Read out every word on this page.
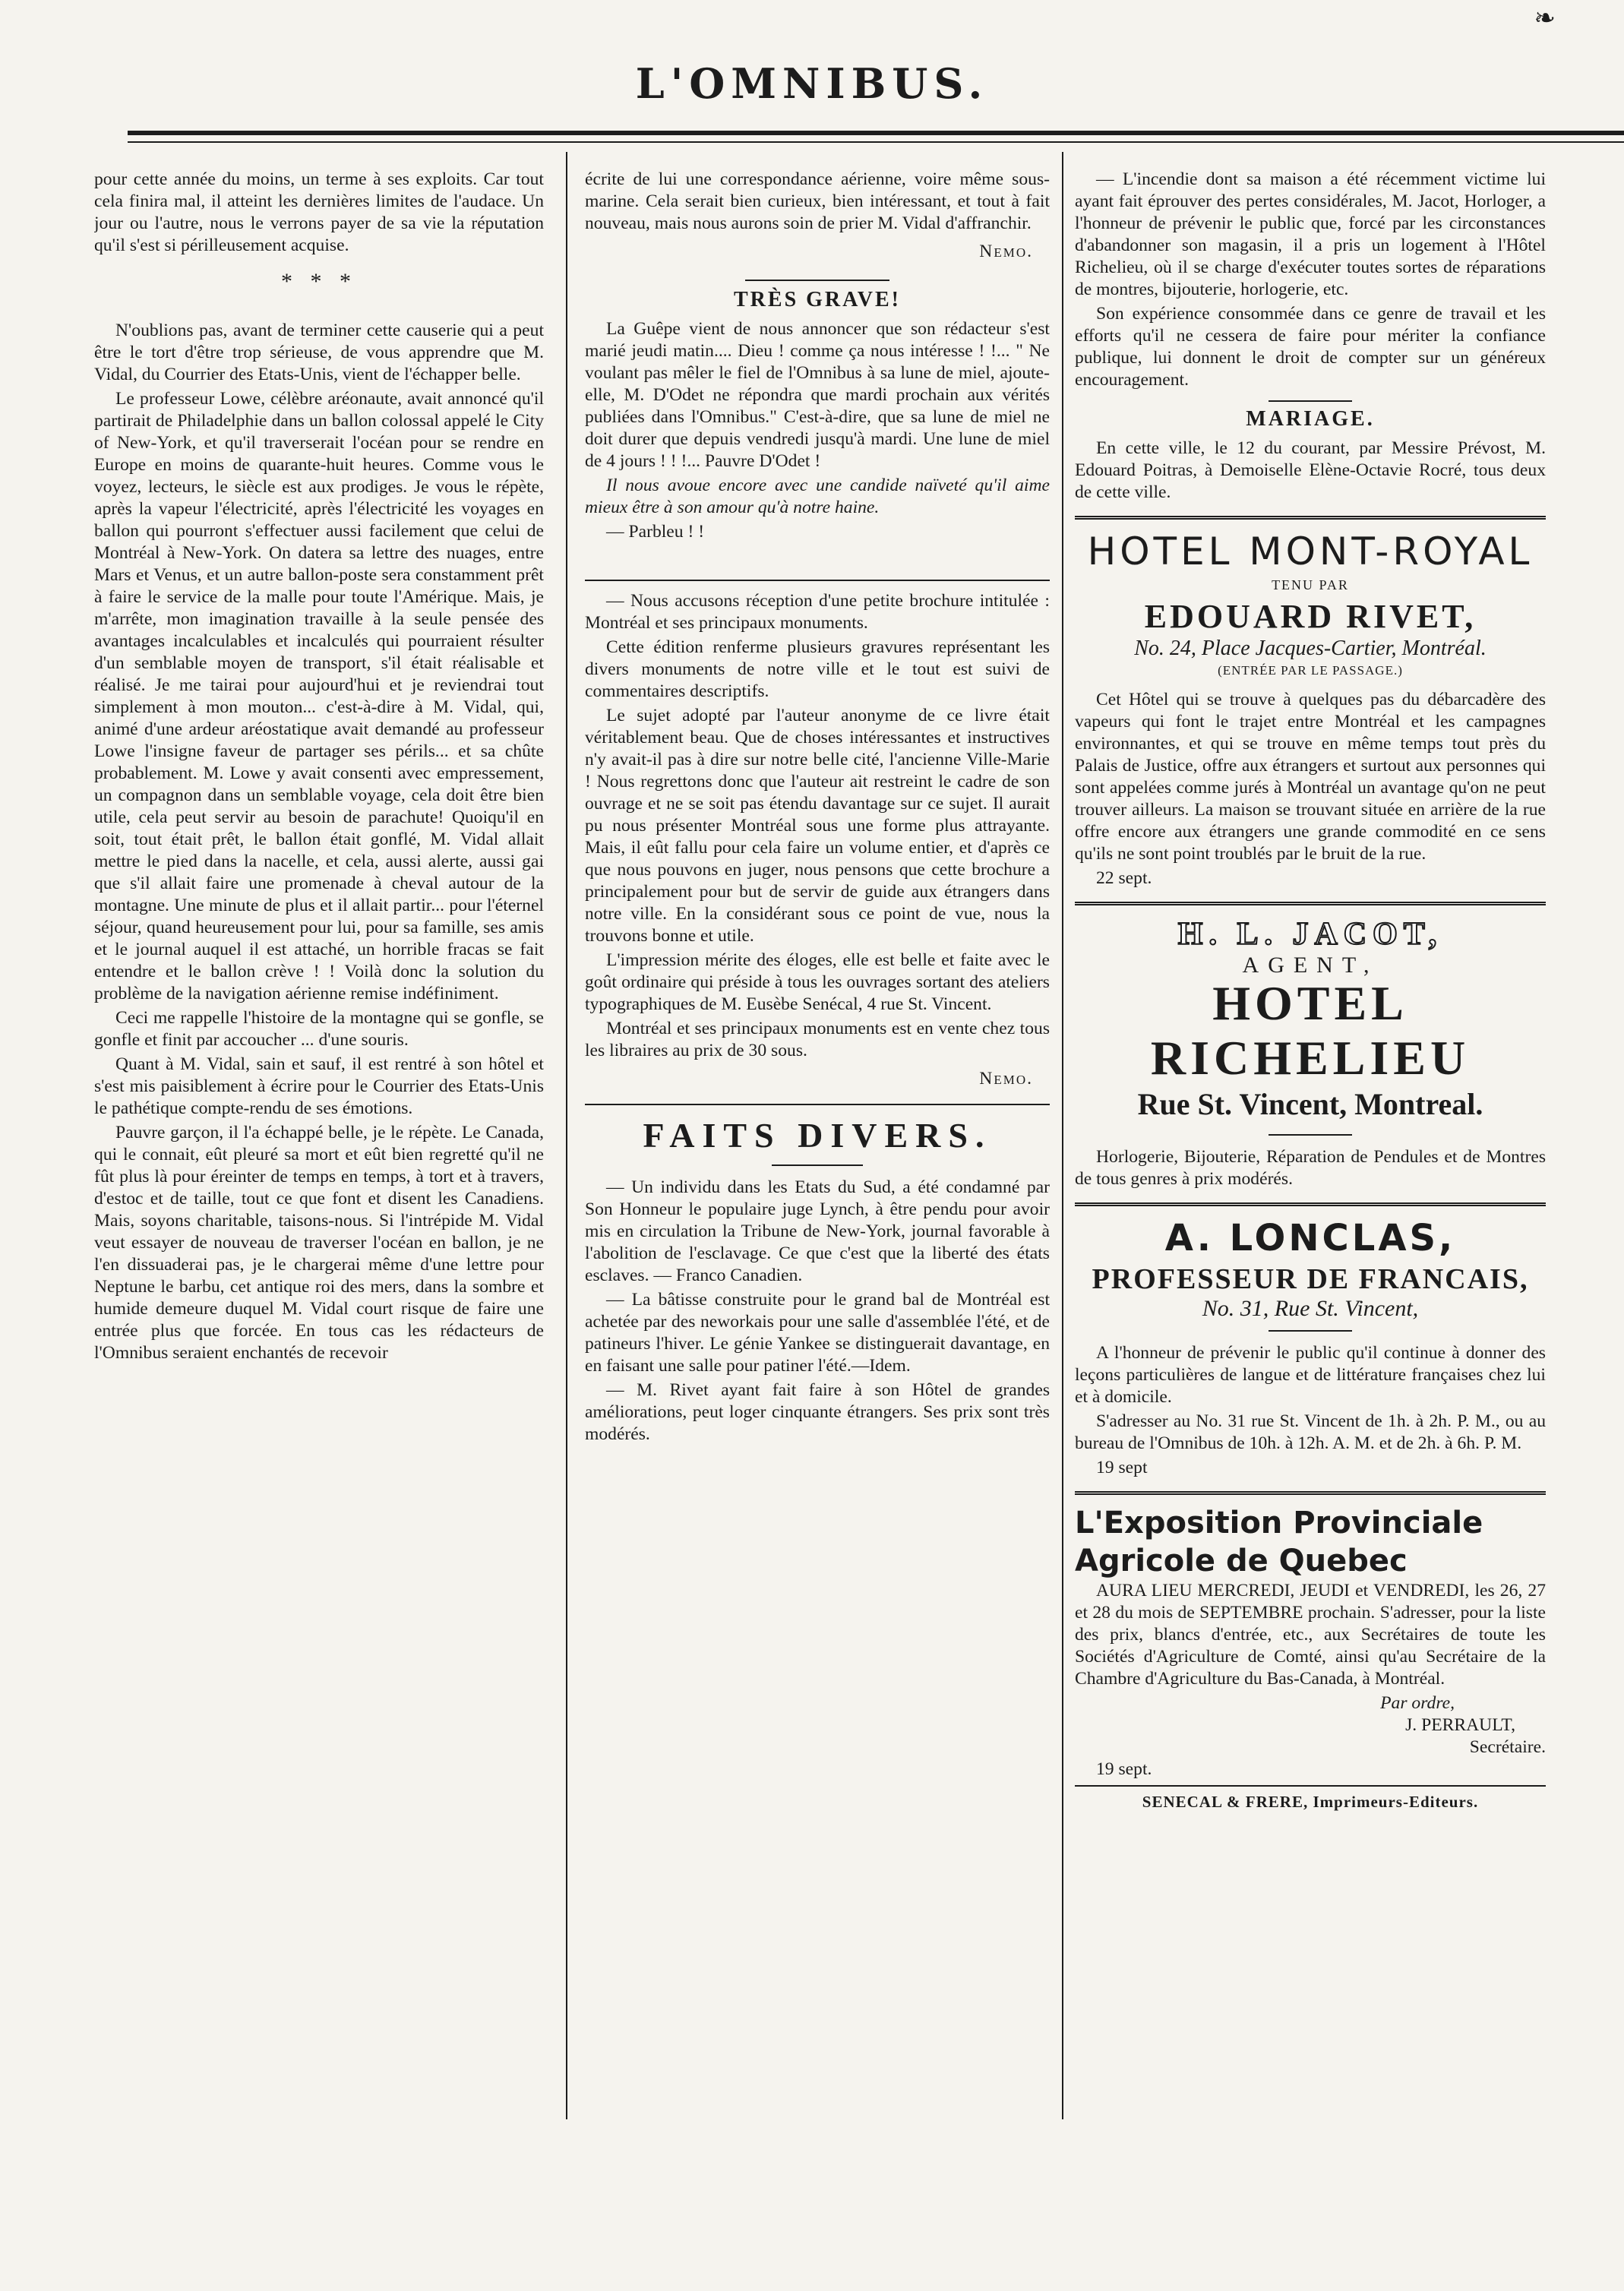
❧
L'OMNIBUS.

pour cette année du moins, un terme à ses exploits. Car tout cela finira mal, il atteint les dernières limites de l'audace. Un jour ou l'autre, nous le verrons payer de sa vie la réputation qu'il s'est si périlleusement acquise.

* * *

N'oublions pas, avant de terminer cette causerie qui a peut être le tort d'être trop sérieuse, de vous apprendre que M. Vidal, du Courrier des Etats-Unis, vient de l'échapper belle.

Le professeur Lowe, célèbre aréonaute, avait annoncé qu'il partirait de Philadelphie dans un ballon colossal appelé le City of New-York, et qu'il traverserait l'océan pour se rendre en Europe en moins de quarante-huit heures. Comme vous le voyez, lecteurs, le siècle est aux prodiges. Je vous le répète, après la vapeur l'électricité, après l'électricité les voyages en ballon qui pourront s'effectuer aussi facilement que celui de Montréal à New-York. On datera sa lettre des nuages, entre Mars et Venus, et un autre ballon-poste sera constamment prêt à faire le service de la malle pour toute l'Amérique. Mais, je m'arrête, mon imagination travaille à la seule pensée des avantages incalculables et incalculés qui pourraient résulter d'un semblable moyen de transport, s'il était réalisable et réalisé. Je me tairai pour aujourd'hui et je reviendrai tout simplement à mon mouton... c'est-à-dire à M. Vidal, qui, animé d'une ardeur aréostatique avait demandé au professeur Lowe l'insigne faveur de partager ses périls... et sa chûte probablement. M. Lowe y avait consenti avec empressement, un compagnon dans un semblable voyage, cela doit être bien utile, cela peut servir au besoin de parachute! Quoiqu'il en soit, tout était prêt, le ballon était gonflé, M. Vidal allait mettre le pied dans la nacelle, et cela, aussi alerte, aussi gai que s'il allait faire une promenade à cheval autour de la montagne. Une minute de plus et il allait partir... pour l'éternel séjour, quand heureusement pour lui, pour sa famille, ses amis et le journal auquel il est attaché, un horrible fracas se fait entendre et le ballon crève ! ! Voilà donc la solution du problème de la navigation aérienne remise indéfiniment.

Ceci me rappelle l'histoire de la montagne qui se gonfle, se gonfle et finit par accoucher ... d'une souris.

Quant à M. Vidal, sain et sauf, il est rentré à son hôtel et s'est mis paisiblement à écrire pour le Courrier des Etats-Unis le pathétique compte-rendu de ses émotions.

Pauvre garçon, il l'a échappé belle, je le répète. Le Canada, qui le connait, eût pleuré sa mort et eût bien regretté qu'il ne fût plus là pour éreinter de temps en temps, à tort et à travers, d'estoc et de taille, tout ce que font et disent les Canadiens. Mais, soyons charitable, taisons-nous. Si l'intrépide M. Vidal veut essayer de nouveau de traverser l'océan en ballon, je ne l'en dissuaderai pas, je le chargerai même d'une lettre pour Neptune le barbu, cet antique roi des mers, dans la sombre et humide demeure duquel M. Vidal court risque de faire une entrée plus que forcée. En tous cas les rédacteurs de l'Omnibus seraient enchantés de recevoir

écrite de lui une correspondance aérienne, voire même sous-marine. Cela serait bien curieux, bien intéressant, et tout à fait nouveau, mais nous aurons soin de prier M. Vidal d'affranchir.

Nemo.
TRÈS GRAVE!

La Guêpe vient de nous annoncer que son rédacteur s'est marié jeudi matin.... Dieu ! comme ça nous intéresse ! !... " Ne voulant pas mêler le fiel de l'Omnibus à sa lune de miel, ajoute-elle, M. D'Odet ne répondra que mardi prochain aux vérités publiées dans l'Omnibus." C'est-à-dire, que sa lune de miel ne doit durer que depuis vendredi jusqu'à mardi. Une lune de miel de 4 jours ! ! !... Pauvre D'Odet !

Il nous avoue encore avec une candide naïveté qu'il aime mieux être à son amour qu'à notre haine.

— Parbleu ! !

— Nous accusons réception d'une petite brochure intitulée : Montréal et ses principaux monuments.

Cette édition renferme plusieurs gravures représentant les divers monuments de notre ville et le tout est suivi de commentaires descriptifs.

Le sujet adopté par l'auteur anonyme de ce livre était véritablement beau. Que de choses intéressantes et instructives n'y avait-il pas à dire sur notre belle cité, l'ancienne Ville-Marie ! Nous regrettons donc que l'auteur ait restreint le cadre de son ouvrage et ne se soit pas étendu davantage sur ce sujet. Il aurait pu nous présenter Montréal sous une forme plus attrayante. Mais, il eût fallu pour cela faire un volume entier, et d'après ce que nous pouvons en juger, nous pensons que cette brochure a principalement pour but de servir de guide aux étrangers dans notre ville. En la considérant sous ce point de vue, nous la trouvons bonne et utile.

L'impression mérite des éloges, elle est belle et faite avec le goût ordinaire qui préside à tous les ouvrages sortant des ateliers typographiques de M. Eusèbe Senécal, 4 rue St. Vincent.

Montréal et ses principaux monuments est en vente chez tous les libraires au prix de 30 sous.

Nemo.
FAITS DIVERS.

— Un individu dans les Etats du Sud, a été condamné par Son Honneur le populaire juge Lynch, à être pendu pour avoir mis en circulation la Tribune de New-York, journal favorable à l'abolition de l'esclavage. Ce que c'est que la liberté des états esclaves. — Franco Canadien.

— La bâtisse construite pour le grand bal de Montréal est achetée par des neworkais pour une salle d'assemblée l'été, et de patineurs l'hiver. Le génie Yankee se distinguerait davantage, en en faisant une salle pour patiner l'été.—Idem.

— M. Rivet ayant fait faire à son Hôtel de grandes améliorations, peut loger cinquante étrangers. Ses prix sont très modérés.

— L'incendie dont sa maison a été récemment victime lui ayant fait éprouver des pertes considérales, M. Jacot, Horloger, a l'honneur de prévenir le public que, forcé par les circonstances d'abandonner son magasin, il a pris un logement à l'Hôtel Richelieu, où il se charge d'exécuter toutes sortes de réparations de montres, bijouterie, horlogerie, etc.

Son expérience consommée dans ce genre de travail et les efforts qu'il ne cessera de faire pour mériter la confiance publique, lui donnent le droit de compter sur un généreux encouragement.

MARIAGE.

En cette ville, le 12 du courant, par Messire Prévost, M. Edouard Poitras, à Demoiselle Elène-Octavie Rocré, tous deux de cette ville.

HOTEL MONT-ROYAL
TENU PAR
EDOUARD RIVET,
No. 24, Place Jacques-Cartier, Montréal.
(ENTRÉE PAR LE PASSAGE.)

Cet Hôtel qui se trouve à quelques pas du débarcadère des vapeurs qui font le trajet entre Montréal et les campagnes environnantes, et qui se trouve en même temps tout près du Palais de Justice, offre aux étrangers et surtout aux personnes qui sont appelées comme jurés à Montréal un avantage qu'on ne peut trouver ailleurs. La maison se trouvant située en arrière de la rue offre encore aux étrangers une grande commodité en ce sens qu'ils ne sont point troublés par le bruit de la rue.

22 sept.

H. L. JACOT,
AGENT,
HOTEL RICHELIEU
Rue St. Vincent, Montreal.

Horlogerie, Bijouterie, Réparation de Pendules et de Montres de tous genres à prix modérés.

A. LONCLAS,
PROFESSEUR DE FRANCAIS,
No. 31, Rue St. Vincent,

A l'honneur de prévenir le public qu'il continue à donner des leçons particulières de langue et de littérature françaises chez lui et à domicile.

S'adresser au No. 31 rue St. Vincent de 1h. à 2h. P. M., ou au bureau de l'Omnibus de 10h. à 12h. A. M. et de 2h. à 6h. P. M.

19 sept

L'Exposition Provinciale Agricole de Quebec

AURA LIEU MERCREDI, JEUDI et VENDREDI, les 26, 27 et 28 du mois de SEPTEMBRE prochain. S'adresser, pour la liste des prix, blancs d'entrée, etc., aux Secrétaires de toute les Sociétés d'Agriculture de Comté, ainsi qu'au Secrétaire de la Chambre d'Agriculture du Bas-Canada, à Montréal.

Par ordre,
J. PERRAULT,
Secrétaire.

19 sept.

SENECAL & FRERE, Imprimeurs-Editeurs.
